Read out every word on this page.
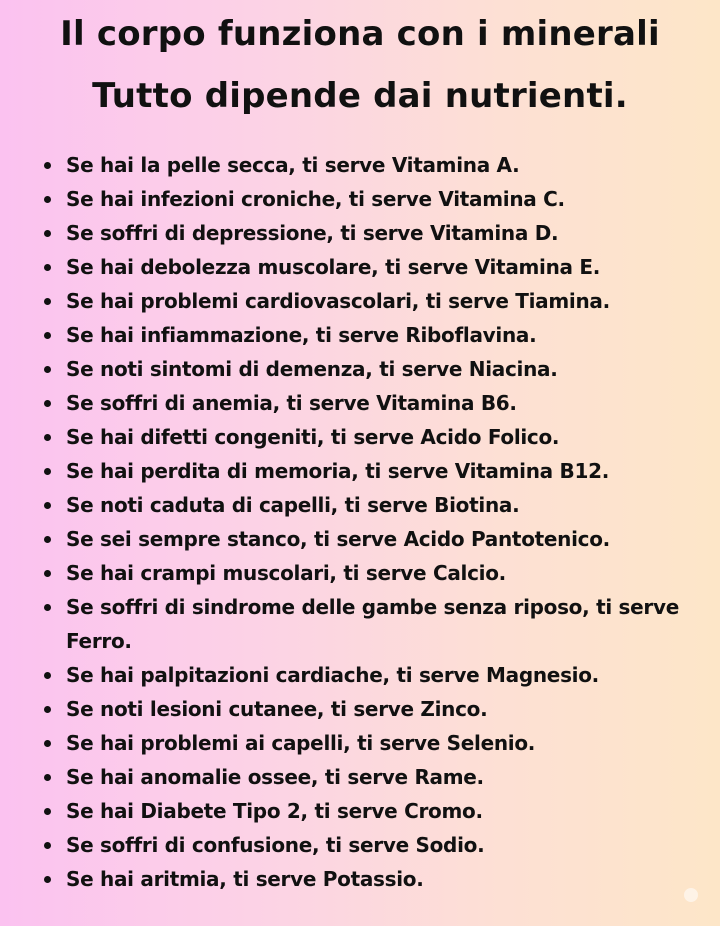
Il corpo funziona con i minerali
Tutto dipende dai nutrienti.
Se hai la pelle secca, ti serve Vitamina A.
Se hai infezioni croniche, ti serve Vitamina C.
Se soffri di depressione, ti serve Vitamina D.
Se hai debolezza muscolare, ti serve Vitamina E.
Se hai problemi cardiovascolari, ti serve Tiamina.
Se hai infiammazione, ti serve Riboflavina.
Se noti sintomi di demenza, ti serve Niacina.
Se soffri di anemia, ti serve Vitamina B6.
Se hai difetti congeniti, ti serve Acido Folico.
Se hai perdita di memoria, ti serve Vitamina B12.
Se noti caduta di capelli, ti serve Biotina.
Se sei sempre stanco, ti serve Acido Pantotenico.
Se hai crampi muscolari, ti serve Calcio.
Se soffri di sindrome delle gambe senza riposo, ti serve Ferro.
Se hai palpitazioni cardiache, ti serve Magnesio.
Se noti lesioni cutanee, ti serve Zinco.
Se hai problemi ai capelli, ti serve Selenio.
Se hai anomalie ossee, ti serve Rame.
Se hai Diabete Tipo 2, ti serve Cromo.
Se soffri di confusione, ti serve Sodio.
Se hai aritmia, ti serve Potassio.
